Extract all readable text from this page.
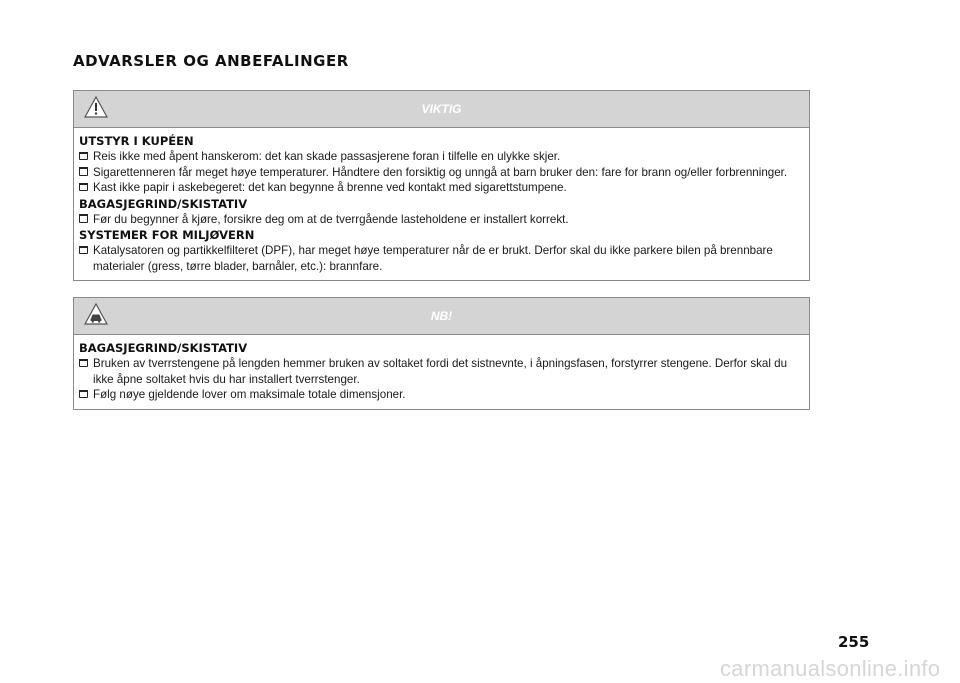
ADVARSLER OG ANBEFALINGER
VIKTIG
UTSTYR I KUPÉEN
Reis ikke med åpent hanskerom: det kan skade passasjerene foran i tilfelle en ulykke skjer.
Sigarettenneren får meget høye temperaturer. Håndtere den forsiktig og unngå at barn bruker den: fare for brann og/eller forbrenninger.
Kast ikke papir i askebegeret: det kan begynne å brenne ved kontakt med sigarettstumpene.
BAGASJEGRIND/SKISTATIV
Før du begynner å kjøre, forsikre deg om at de tverrgående lasteholdene er installert korrekt.
SYSTEMER FOR MILJØVERN
Katalysatoren og partikkelfilteret (DPF), har meget høye temperaturer når de er brukt. Derfor skal du ikke parkere bilen på brennbare materialer (gress, tørre blader, barnåler, etc.): brannfare.
NB!
BAGASJEGRIND/SKISTATIV
Bruken av tverrstengene på lengden hemmer bruken av soltaket fordi det sistnevnte, i åpningsfasen, forstyrrer stengene. Derfor skal du ikke åpne soltaket hvis du har installert tverrstenger.
Følg nøye gjeldende lover om maksimale totale dimensjoner.
255
carmanualsonline.info
